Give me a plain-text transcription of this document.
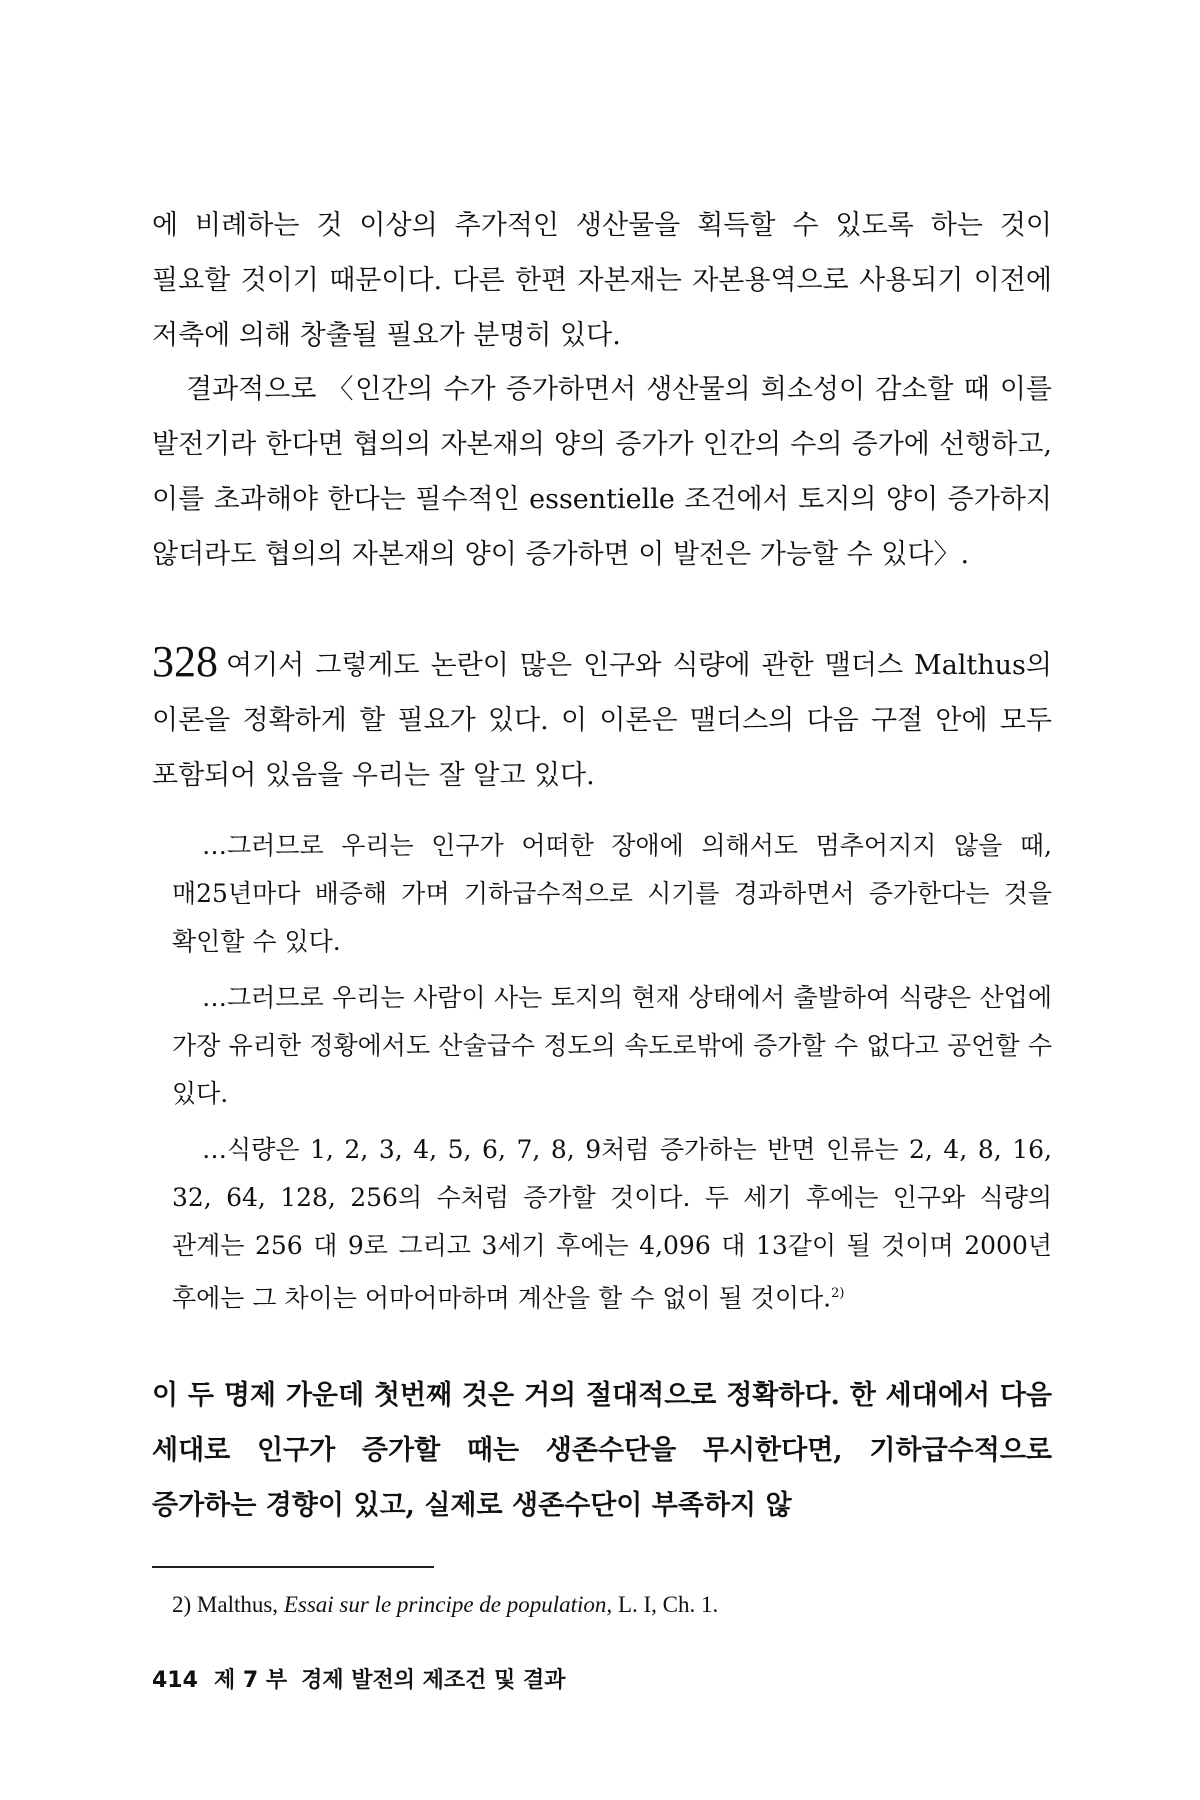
에 비례하는 것 이상의 추가적인 생산물을 획득할 수 있도록 하는 것이 필요할 것이기 때문이다. 다른 한편 자본재는 자본용역으로 사용되기 이전에 저축에 의해 창출될 필요가 분명히 있다.

결과적으로 〈인간의 수가 증가하면서 생산물의 희소성이 감소할 때 이를 발전기라 한다면 협의의 자본재의 양의 증가가 인간의 수의 증가에 선행하고, 이를 초과해야 한다는 필수적인 essentielle 조건에서 토지의 양이 증가하지 않더라도 협의의 자본재의 양이 증가하면 이 발전은 가능할 수 있다〉.

328 여기서 그렇게도 논란이 많은 인구와 식량에 관한 맬더스 Malthus의 이론을 정확하게 할 필요가 있다. 이 이론은 맬더스의 다음 구절 안에 모두 포함되어 있음을 우리는 잘 알고 있다.

…그러므로 우리는 인구가 어떠한 장애에 의해서도 멈추어지지 않을 때, 매25년마다 배증해 가며 기하급수적으로 시기를 경과하면서 증가한다는 것을 확인할 수 있다.

…그러므로 우리는 사람이 사는 토지의 현재 상태에서 출발하여 식량은 산업에 가장 유리한 정황에서도 산술급수 정도의 속도로밖에 증가할 수 없다고 공언할 수 있다.

…식량은 1, 2, 3, 4, 5, 6, 7, 8, 9처럼 증가하는 반면 인류는 2, 4, 8, 16, 32, 64, 128, 256의 수처럼 증가할 것이다. 두 세기 후에는 인구와 식량의 관계는 256 대 9로 그리고 3세기 후에는 4,096 대 13같이 될 것이며 2000년 후에는 그 차이는 어마어마하며 계산을 할 수 없이 될 것이다.$^{2)}$

이 두 명제 가운데 첫번째 것은 거의 절대적으로 정확하다. 한 세대에서 다음 세대로 인구가 증가할 때는 생존수단을 무시한다면, 기하급수적으로 증가하는 경향이 있고, 실제로 생존수단이 부족하지 않

2) Malthus, Essai sur le principe de population, L. I, Ch. 1.

414 제 7 부 경제 발전의 제조건 및 결과
